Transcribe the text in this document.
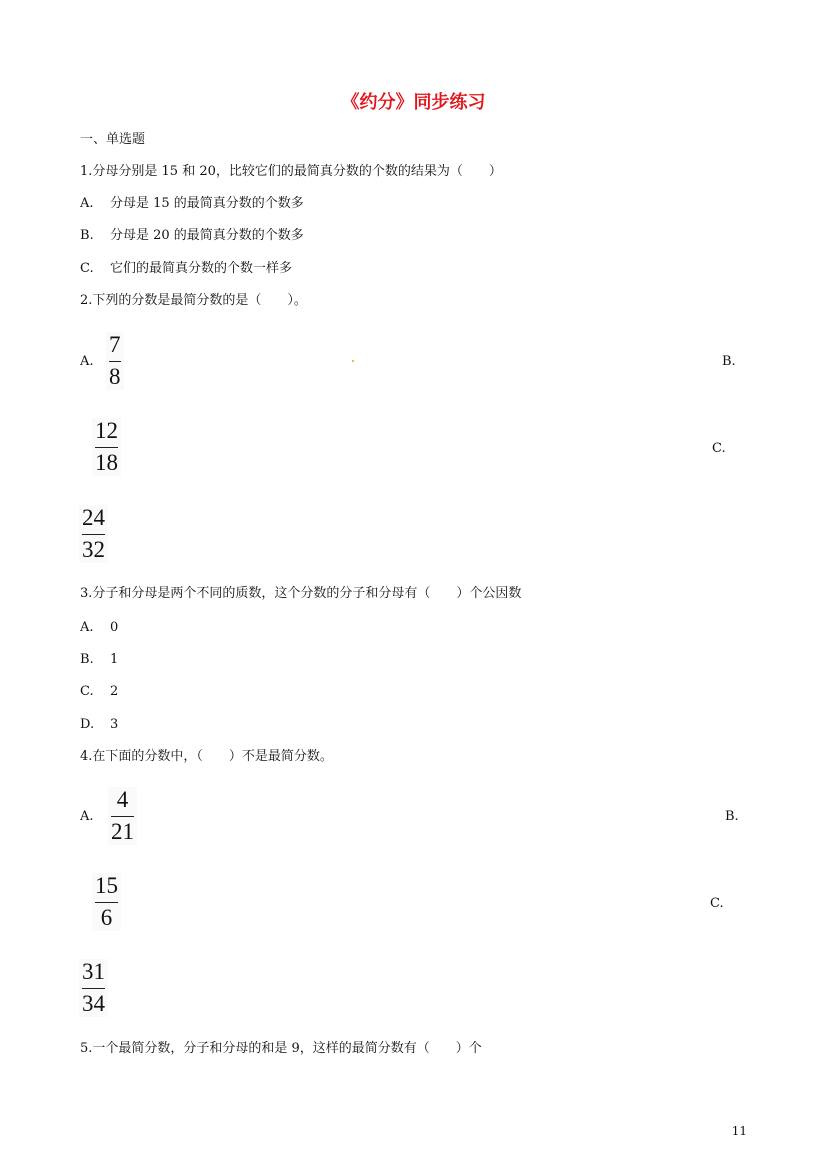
《约分》同步练习
一、单选题
1.分母分别是 15 和 20，比较它们的最简真分数的个数的结果为（　　）
A. 分母是 15 的最简真分数的个数多
B. 分母是 20 的最简真分数的个数多
C. 它们的最简真分数的个数一样多
2.下列的分数是最简分数的是（　　）。
A.
7
8
B.
12
18
C.
24
32
3.分子和分母是两个不同的质数，这个分数的分子和分母有（　　）个公因数
A. 0
B. 1
C. 2
D. 3
4.在下面的分数中，（　　）不是最简分数。
A.
4
21
B.
15
6
C.
31
34
5.一个最简分数，分子和分母的和是 9，这样的最简分数有（　　）个
11
